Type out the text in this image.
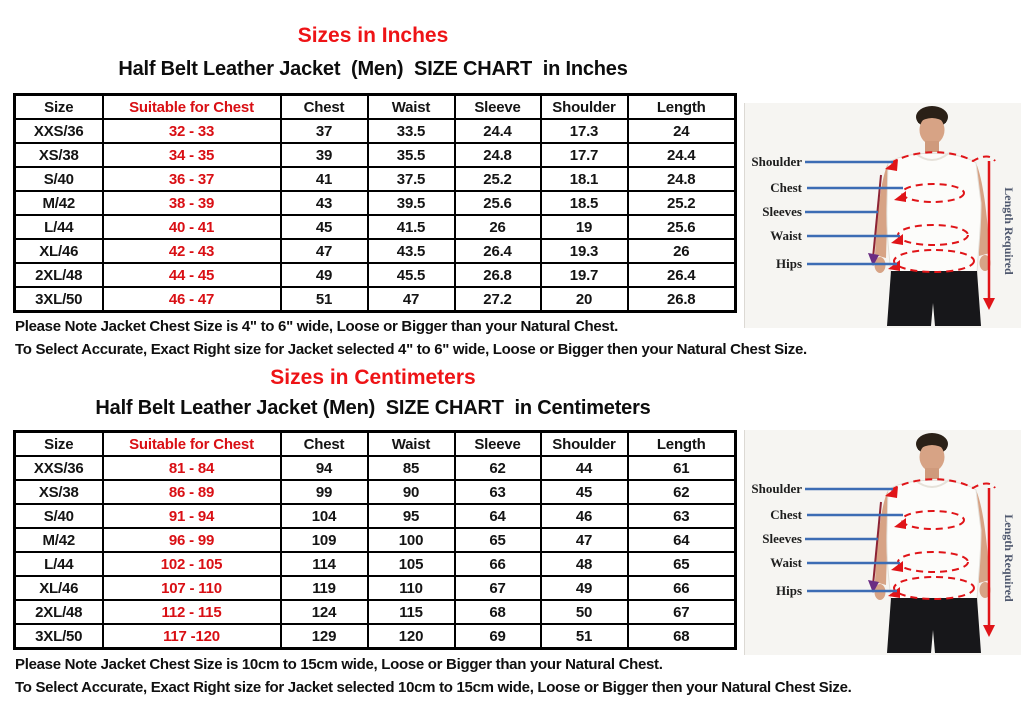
Sizes in Inches
Half Belt Leather Jacket  (Men)  SIZE CHART  in Inches
Size	Suitable for Chest	Chest	Waist	Sleeve	Shoulder	Length
XXS/36	32 - 33	37	33.5	24.4	17.3	24
XS/38	34 - 35	39	35.5	24.8	17.7	24.4
S/40	36 - 37	41	37.5	25.2	18.1	24.8
M/42	38 - 39	43	39.5	25.6	18.5	25.2
L/44	40 - 41	45	41.5	26	19	25.6
XL/46	42 - 43	47	43.5	26.4	19.3	26
2XL/48	44 - 45	49	45.5	26.8	19.7	26.4
3XL/50	46 - 47	51	47	27.2	20	26.8
Please Note Jacket Chest Size is 4" to 6" wide, Loose or Bigger than your Natural Chest.
To Select Accurate, Exact Right size for Jacket selected 4" to 6" wide, Loose or Bigger then your Natural Chest Size.
Sizes in Centimeters
Half Belt Leather Jacket (Men)  SIZE CHART  in Centimeters
Size	Suitable for Chest	Chest	Waist	Sleeve	Shoulder	Length
XXS/36	81 - 84	94	85	62	44	61
XS/38	86 - 89	99	90	63	45	62
S/40	91 - 94	104	95	64	46	63
M/42	96 - 99	109	100	65	47	64
L/44	102 - 105	114	105	66	48	65
XL/46	107 - 110	119	110	67	49	66
2XL/48	112 - 115	124	115	68	50	67
3XL/50	117 -120	129	120	69	51	68
Please Note Jacket Chest Size is 10cm to 15cm wide, Loose or Bigger than your Natural Chest.
To Select Accurate, Exact Right size for Jacket selected 10cm to 15cm wide, Loose or Bigger then your Natural Chest Size.
Shoulder
Chest
Sleeves
Waist
Hips	Length Required
Shoulder
Chest
Sleeves
Waist
Hips	Length Required
